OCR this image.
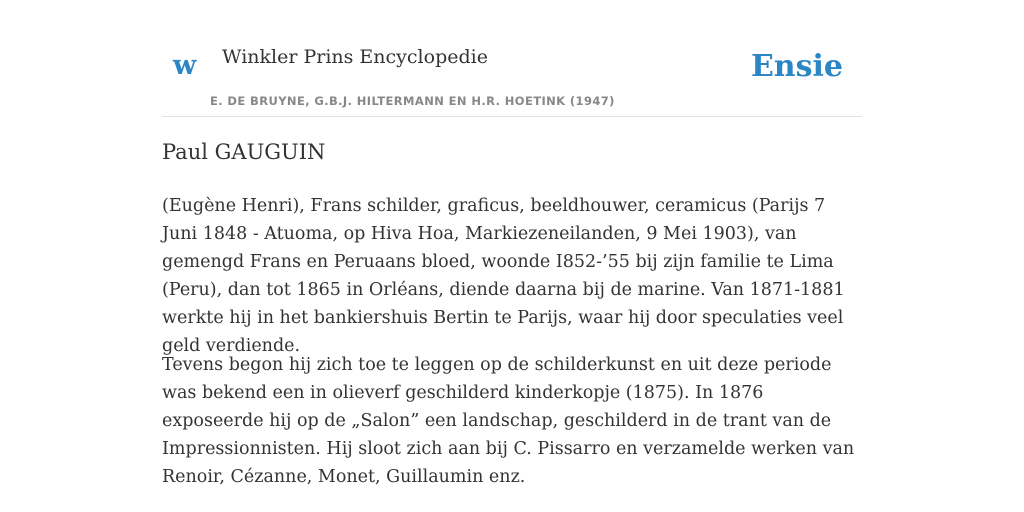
w Winkler Prins Encyclopedie
E. DE BRUYNE, G.B.J. HILTERMANN EN H.R. HOETINK (1947)
Ensie
Paul GAUGUIN

(Eugène Henri), Frans schilder, graficus, beeldhouwer, ceramicus (Parijs 7 Juni 1848 - Atuoma, op Hiva Hoa, Markiezeneilanden, 9 Mei 1903), van gemengd Frans en Peruaans bloed, woonde I852-’55 bij zijn familie te Lima (Peru), dan tot 1865 in Orléans, diende daarna bij de marine. Van 1871-1881 werkte hij in het bankiershuis Bertin te Parijs, waar hij door speculaties veel geld verdiende.

Tevens begon hij zich toe te leggen op de schilderkunst en uit deze periode was bekend een in olieverf geschilderd kinderkopje (1875). In 1876 exposeerde hij op de „Salon” een landschap, geschilderd in de trant van de Impressionnisten. Hij sloot zich aan bij C. Pissarro en verzamelde werken van Renoir, Cézanne, Monet, Guillaumin enz.
